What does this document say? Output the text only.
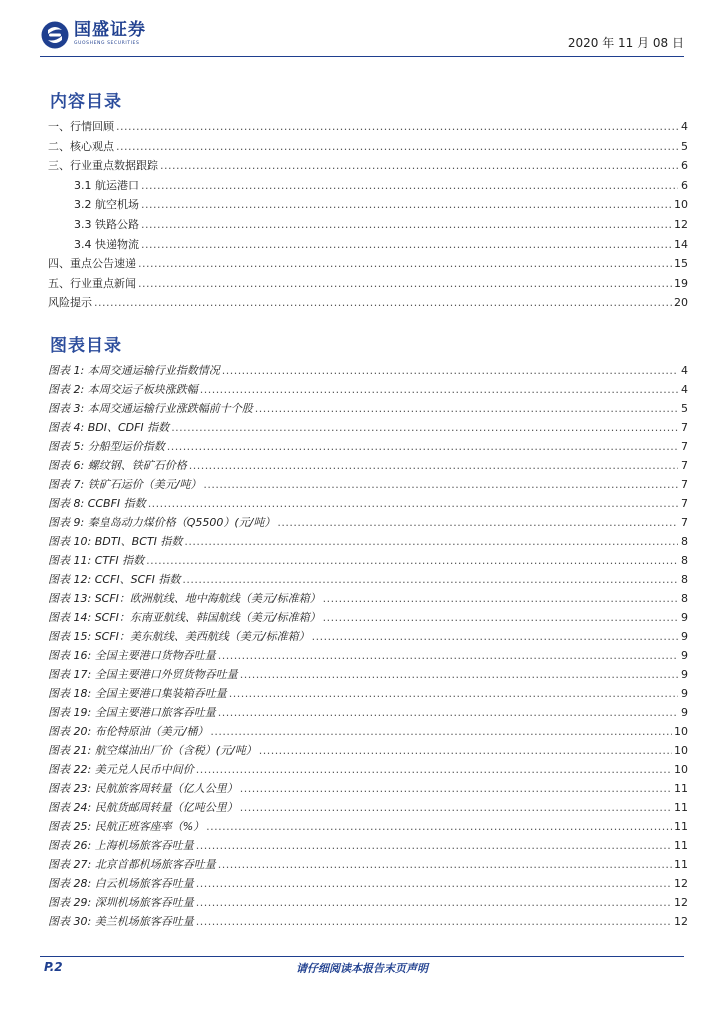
国盛证券
GUOSHENG SECURITIES	2020 年 11 月 08 日
内容目录
一、行情回顾 .....	4
二、核心观点 .....	5
三、行业重点数据跟踪 .....	6
3.1 航运港口 .....	6
3.2 航空机场 .....	10
3.3 铁路公路 .....	12
3.4 快递物流 .....	14
四、重点公告速递 .....	15
五、行业重点新闻 .....	19
风险提示 .....	20
图表目录
图表 1: 本周交通运输行业指数情况 .....	4
图表 2: 本周交运子板块涨跌幅 .....	4
图表 3: 本周交通运输行业涨跌幅前十个股 .....	5
图表 4: BDI、CDFI 指数 .....	7
图表 5: 分船型运价指数 .....	7
图表 6: 螺纹钢、铁矿石价格 .....	7
图表 7: 铁矿石运价（美元/吨） .....	7
图表 8: CCBFI 指数 .....	7
图表 9: 秦皇岛动力煤价格（Q5500）(元/吨） .....	7
图表 10: BDTI、BCTI 指数 .....	8
图表 11: CTFI 指数 .....	8
图表 12: CCFI、SCFI 指数 .....	8
图表 13: SCFI：欧洲航线、地中海航线（美元/标准箱） .....	8
图表 14: SCFI：东南亚航线、韩国航线（美元/标准箱） .....	9
图表 15: SCFI：美东航线、美西航线（美元/标准箱） .....	9
图表 16: 全国主要港口货物吞吐量 .....	9
图表 17: 全国主要港口外贸货物吞吐量 .....	9
图表 18: 全国主要港口集装箱吞吐量 .....	9
图表 19: 全国主要港口旅客吞吐量 .....	9
图表 20: 布伦特原油（美元/桶） .....	10
图表 21: 航空煤油出厂价（含税）(元/吨） .....	10
图表 22: 美元兑人民币中间价 .....	10
图表 23: 民航旅客周转量（亿人公里） .....	11
图表 24: 民航货邮周转量（亿吨公里） .....	11
图表 25: 民航正班客座率（%） .....	11
图表 26: 上海机场旅客吞吐量 .....	11
图表 27: 北京首都机场旅客吞吐量 .....	11
图表 28: 白云机场旅客吞吐量 .....	12
图表 29: 深圳机场旅客吞吐量 .....	12
图表 30: 美兰机场旅客吞吐量 .....	12
P.2	请仔细阅读本报告末页声明
